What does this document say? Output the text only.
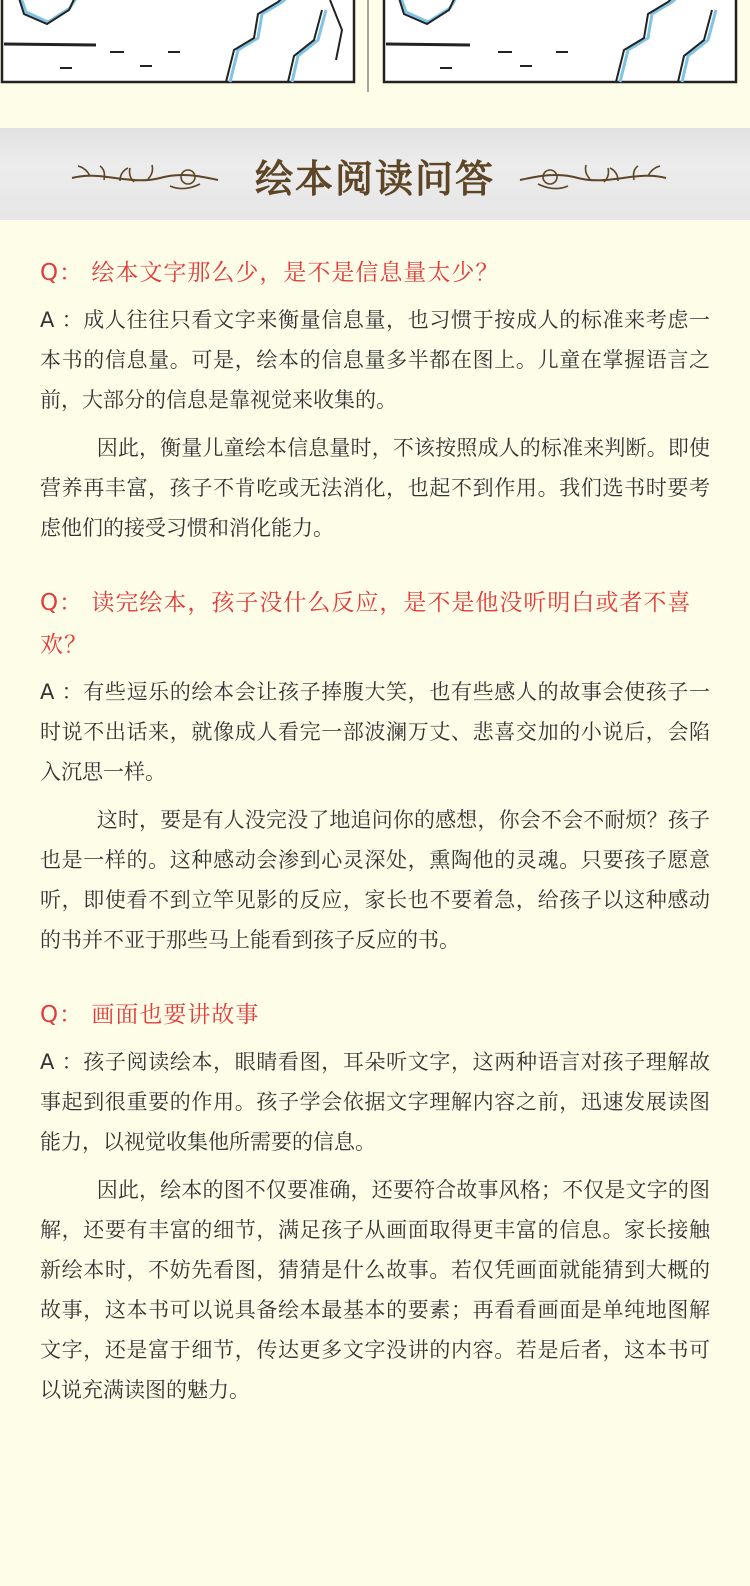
绘本阅读问答
Q： 绘本文字那么少，是不是信息量太少？
A ：成人往往只看文字来衡量信息量，也习惯于按成人的标准来考虑一本书的信息量。可是，绘本的信息量多半都在图上。儿童在掌握语言之前，大部分的信息是靠视觉来收集的。
因此，衡量儿童绘本信息量时，不该按照成人的标准来判断。即使营养再丰富，孩子不肯吃或无法消化，也起不到作用。我们选书时要考虑他们的接受习惯和消化能力。
Q： 读完绘本，孩子没什么反应，是不是他没听明白或者不喜欢？
A ：有些逗乐的绘本会让孩子捧腹大笑，也有些感人的故事会使孩子一时说不出话来，就像成人看完一部波澜万丈、悲喜交加的小说后，会陷入沉思一样。
这时，要是有人没完没了地追问你的感想，你会不会不耐烦？孩子也是一样的。这种感动会渗到心灵深处，熏陶他的灵魂。只要孩子愿意听，即使看不到立竿见影的反应，家长也不要着急，给孩子以这种感动的书并不亚于那些马上能看到孩子反应的书。
Q： 画面也要讲故事
A ：孩子阅读绘本，眼睛看图，耳朵听文字，这两种语言对孩子理解故事起到很重要的作用。孩子学会依据文字理解内容之前，迅速发展读图能力，以视觉收集他所需要的信息。
因此，绘本的图不仅要准确，还要符合故事风格；不仅是文字的图解，还要有丰富的细节，满足孩子从画面取得更丰富的信息。家长接触新绘本时，不妨先看图，猜猜是什么故事。若仅凭画面就能猜到大概的故事，这本书可以说具备绘本最基本的要素；再看看画面是单纯地图解文字，还是富于细节，传达更多文字没讲的内容。若是后者，这本书可以说充满读图的魅力。
